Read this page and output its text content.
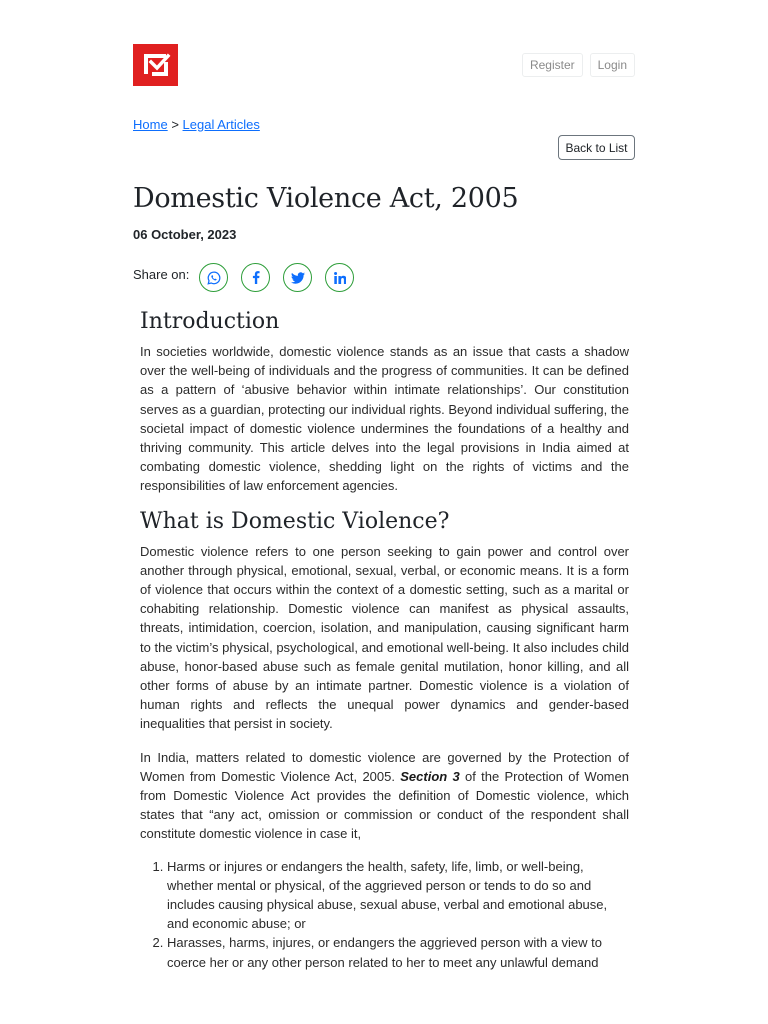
Register	Login
Home > Legal Articles
Back to List
Domestic Violence Act, 2005
06 October, 2023
Share on:
Introduction

In societies worldwide, domestic violence stands as an issue that casts a shadow over the well-being of individuals and the progress of communities. It can be defined as a pattern of ‘abusive behavior within intimate relationships’. Our constitution serves as a guardian, protecting our individual rights. Beyond individual suffering, the societal impact of domestic violence undermines the foundations of a healthy and thriving community. This article delves into the legal provisions in India aimed at combating domestic violence, shedding light on the rights of victims and the responsibilities of law enforcement agencies.

What is Domestic Violence?

Domestic violence refers to one person seeking to gain power and control over another through physical, emotional, sexual, verbal, or economic means. It is a form of violence that occurs within the context of a domestic setting, such as a marital or cohabiting relationship. Domestic violence can manifest as physical assaults, threats, intimidation, coercion, isolation, and manipulation, causing significant harm to the victim’s physical, psychological, and emotional well-being. It also includes child abuse, honor-based abuse such as female genital mutilation, honor killing, and all other forms of abuse by an intimate partner. Domestic violence is a violation of human rights and reflects the unequal power dynamics and gender-based inequalities that persist in society.

In India, matters related to domestic violence are governed by the Protection of Women from Domestic Violence Act, 2005. Section 3 of the Protection of Women from Domestic Violence Act provides the definition of Domestic violence, which states that “any act, omission or commission or conduct of the respondent shall constitute domestic violence in case it,

1. Harms or injures or endangers the health, safety, life, limb, or well-being, whether mental or physical, of the aggrieved person or tends to do so and includes causing physical abuse, sexual abuse, verbal and emotional abuse, and economic abuse; or
2. Harasses, harms, injures, or endangers the aggrieved person with a view to coerce her or any other person related to her to meet any unlawful demand
